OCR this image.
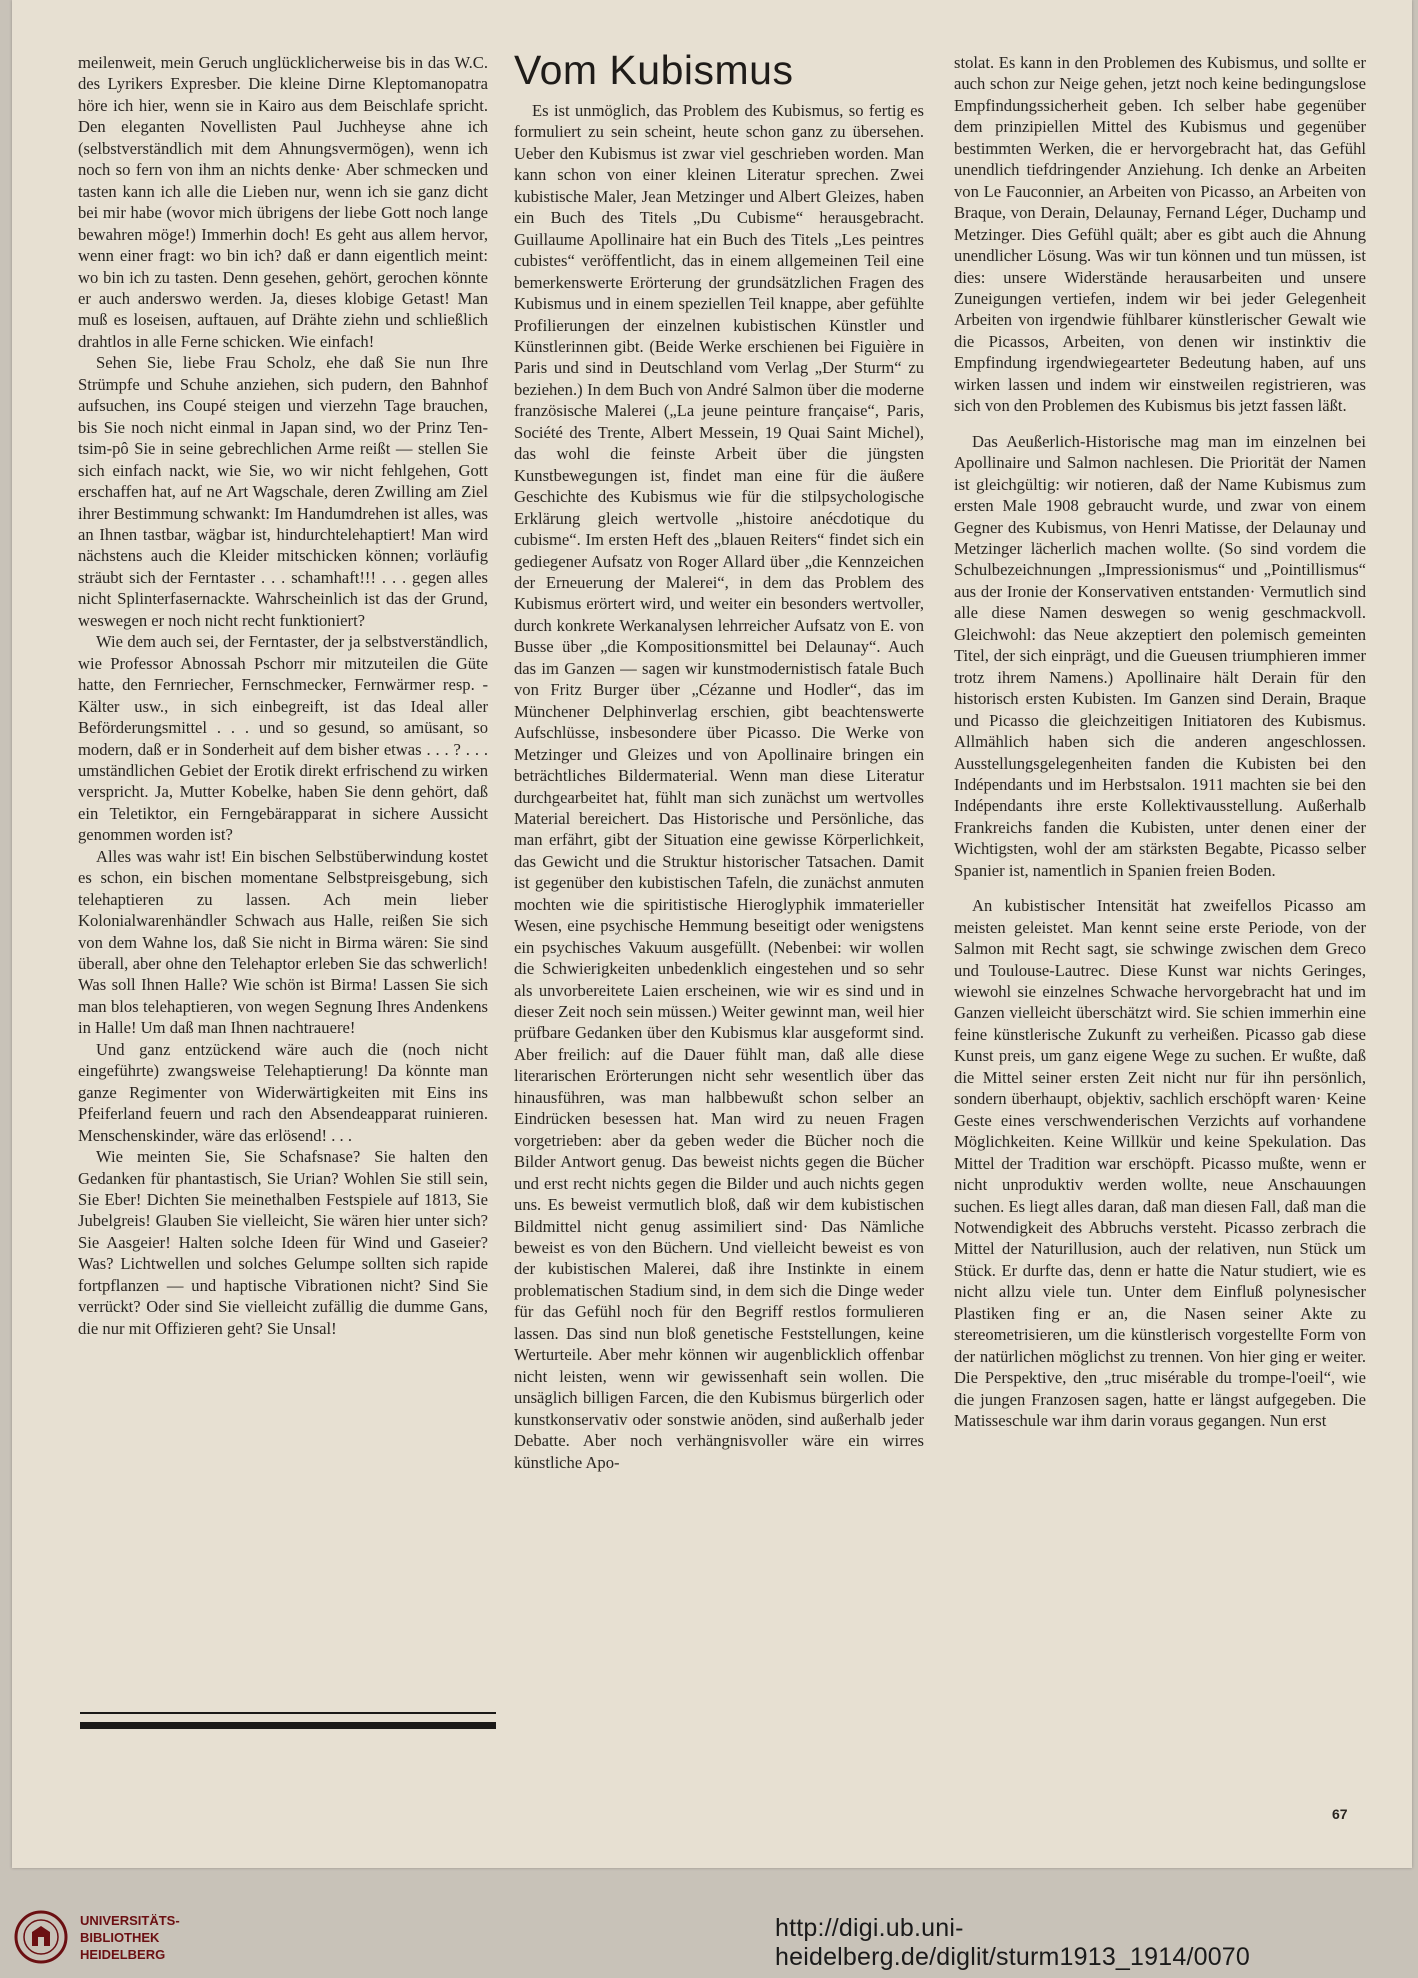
meilenweit, mein Geruch unglücklicherweise bis in das W.C. des Lyrikers Expresber. Die kleine Dirne Kleptomanopatra höre ich hier, wenn sie in Kairo aus dem Beischlafe spricht. Den eleganten Novellisten Paul Juchheyse ahne ich (selbstverständlich mit dem Ahnungsvermögen), wenn ich noch so fern von ihm an nichts denke· Aber schmecken und tasten kann ich alle die Lieben nur, wenn ich sie ganz dicht bei mir habe (wovor mich übrigens der liebe Gott noch lange bewahren möge!) Immerhin doch! Es geht aus allem hervor, wenn einer fragt: wo bin ich? daß er dann eigentlich meint: wo bin ich zu tasten. Denn gesehen, gehört, gerochen könnte er auch anderswo werden. Ja, dieses klobige Getast! Man muß es loseisen, auftauen, auf Drähte ziehn und schließlich drahtlos in alle Ferne schicken. Wie einfach!

Sehen Sie, liebe Frau Scholz, ehe daß Sie nun Ihre Strümpfe und Schuhe anziehen, sich pudern, den Bahnhof aufsuchen, ins Coupé steigen und vierzehn Tage brauchen, bis Sie noch nicht einmal in Japan sind, wo der Prinz Ten-tsim-pô Sie in seine gebrechlichen Arme reißt — stellen Sie sich einfach nackt, wie Sie, wo wir nicht fehlgehen, Gott erschaffen hat, auf ne Art Wagschale, deren Zwilling am Ziel ihrer Bestimmung schwankt: Im Handumdrehen ist alles, was an Ihnen tastbar, wägbar ist, hindurchtelehaptiert! Man wird nächstens auch die Kleider mitschicken können; vorläufig sträubt sich der Ferntaster . . . schamhaft!!! . . . gegen alles nicht Splinterfasernackte. Wahrscheinlich ist das der Grund, weswegen er noch nicht recht funktioniert?

Wie dem auch sei, der Ferntaster, der ja selbstverständlich, wie Professor Abnossah Pschorr mir mitzuteilen die Güte hatte, den Fernriecher, Fernschmecker, Fernwärmer resp. -Kälter usw., in sich einbegreift, ist das Ideal aller Beförderungsmittel . . . und so gesund, so amüsant, so modern, daß er in Sonderheit auf dem bisher etwas . . . ? . . . umständlichen Gebiet der Erotik direkt erfrischend zu wirken verspricht. Ja, Mutter Kobelke, haben Sie denn gehört, daß ein Teletiktor, ein Ferngebärapparat in sichere Aussicht genommen worden ist?

Alles was wahr ist! Ein bischen Selbstüberwindung kostet es schon, ein bischen momentane Selbstpreisgebung, sich telehaptieren zu lassen. Ach mein lieber Kolonialwarenhändler Schwach aus Halle, reißen Sie sich von dem Wahne los, daß Sie nicht in Birma wären: Sie sind überall, aber ohne den Telehaptor erleben Sie das schwerlich! Was soll Ihnen Halle? Wie schön ist Birma! Lassen Sie sich man blos telehaptieren, von wegen Segnung Ihres Andenkens in Halle! Um daß man Ihnen nachtrauere!

Und ganz entzückend wäre auch die (noch nicht eingeführte) zwangsweise Telehaptierung! Da könnte man ganze Regimenter von Widerwärtigkeiten mit Eins ins Pfeiferland feuern und rach den Absendeapparat ruinieren. Menschenskinder, wäre das erlösend! . . .

Wie meinten Sie, Sie Schafsnase? Sie halten den Gedanken für phantastisch, Sie Urian? Wohlen Sie still sein, Sie Eber! Dichten Sie meinethalben Festspiele auf 1813, Sie Jubelgreis! Glauben Sie vielleicht, Sie wären hier unter sich? Sie Aasgeier! Halten solche Ideen für Wind und Gaseier? Was? Lichtwellen und solches Gelumpe sollten sich rapide fortpflanzen — und haptische Vibrationen nicht? Sind Sie verrückt? Oder sind Sie vielleicht zufällig die dumme Gans, die nur mit Offizieren geht? Sie Unsal!

Vom Kubismus

Es ist unmöglich, das Problem des Kubismus, so fertig es formuliert zu sein scheint, heute schon ganz zu übersehen. Ueber den Kubismus ist zwar viel geschrieben worden. Man kann schon von einer kleinen Literatur sprechen. Zwei kubistische Maler, Jean Metzinger und Albert Gleizes, haben ein Buch des Titels „Du Cubisme“ herausgebracht. Guillaume Apollinaire hat ein Buch des Titels „Les peintres cubistes“ veröffentlicht, das in einem allgemeinen Teil eine bemerkenswerte Erörterung der grundsätzlichen Fragen des Kubismus und in einem speziellen Teil knappe, aber gefühlte Profilierungen der einzelnen kubistischen Künstler und Künstlerinnen gibt. (Beide Werke erschienen bei Figuière in Paris und sind in Deutschland vom Verlag „Der Sturm“ zu beziehen.) In dem Buch von André Salmon über die moderne französische Malerei („La jeune peinture française“, Paris, Société des Trente, Albert Messein, 19 Quai Saint Michel), das wohl die feinste Arbeit über die jüngsten Kunstbewegungen ist, findet man eine für die äußere Geschichte des Kubismus wie für die stilpsychologische Erklärung gleich wertvolle „histoire anécdotique du cubisme“. Im ersten Heft des „blauen Reiters“ findet sich ein gediegener Aufsatz von Roger Allard über „die Kennzeichen der Erneuerung der Malerei“, in dem das Problem des Kubismus erörtert wird, und weiter ein besonders wertvoller, durch konkrete Werkanalysen lehrreicher Aufsatz von E. von Busse über „die Kompositionsmittel bei Delaunay“. Auch das im Ganzen — sagen wir kunstmodernistisch fatale Buch von Fritz Burger über „Cézanne und Hodler“, das im Münchener Delphinverlag erschien, gibt beachtenswerte Aufschlüsse, insbesondere über Picasso. Die Werke von Metzinger und Gleizes und von Apollinaire bringen ein beträchtliches Bildermaterial. Wenn man diese Literatur durchgearbeitet hat, fühlt man sich zunächst um wertvolles Material bereichert. Das Historische und Persönliche, das man erfährt, gibt der Situation eine gewisse Körperlichkeit, das Gewicht und die Struktur historischer Tatsachen. Damit ist gegenüber den kubistischen Tafeln, die zunächst anmuten mochten wie die spiritistische Hieroglyphik immaterieller Wesen, eine psychische Hemmung beseitigt oder wenigstens ein psychisches Vakuum ausgefüllt. (Nebenbei: wir wollen die Schwierigkeiten unbedenklich eingestehen und so sehr als unvorbereitete Laien erscheinen, wie wir es sind und in dieser Zeit noch sein müssen.) Weiter gewinnt man, weil hier prüfbare Gedanken über den Kubismus klar ausgeformt sind. Aber freilich: auf die Dauer fühlt man, daß alle diese literarischen Erörterungen nicht sehr wesentlich über das hinausführen, was man halbbewußt schon selber an Eindrücken besessen hat. Man wird zu neuen Fragen vorgetrieben: aber da geben weder die Bücher noch die Bilder Antwort genug. Das beweist nichts gegen die Bücher und erst recht nichts gegen die Bilder und auch nichts gegen uns. Es beweist vermutlich bloß, daß wir dem kubistischen Bildmittel nicht genug assimiliert sind· Das Nämliche beweist es von den Büchern. Und vielleicht beweist es von der kubistischen Malerei, daß ihre Instinkte in einem problematischen Stadium sind, in dem sich die Dinge weder für das Gefühl noch für den Begriff restlos formulieren lassen. Das sind nun bloß genetische Feststellungen, keine Werturteile. Aber mehr können wir augenblicklich offenbar nicht leisten, wenn wir gewissenhaft sein wollen. Die unsäglich billigen Farcen, die den Kubismus bürgerlich oder kunstkonservativ oder sonstwie anöden, sind außerhalb jeder Debatte. Aber noch verhängnisvoller wäre ein wirres künstliche Apo-

stolat. Es kann in den Problemen des Kubismus, und sollte er auch schon zur Neige gehen, jetzt noch keine bedingungslose Empfindungssicherheit geben. Ich selber habe gegenüber dem prinzipiellen Mittel des Kubismus und gegenüber bestimmten Werken, die er hervorgebracht hat, das Gefühl unendlich tiefdringender Anziehung. Ich denke an Arbeiten von Le Fauconnier, an Arbeiten von Picasso, an Arbeiten von Braque, von Derain, Delaunay, Fernand Léger, Duchamp und Metzinger. Dies Gefühl quält; aber es gibt auch die Ahnung unendlicher Lösung. Was wir tun können und tun müssen, ist dies: unsere Widerstände herausarbeiten und unsere Zuneigungen vertiefen, indem wir bei jeder Gelegenheit Arbeiten von irgendwie fühlbarer künstlerischer Gewalt wie die Picassos, Arbeiten, von denen wir instinktiv die Empfindung irgendwiegearteter Bedeutung haben, auf uns wirken lassen und indem wir einstweilen registrieren, was sich von den Problemen des Kubismus bis jetzt fassen läßt.

Das Aeußerlich-Historische mag man im einzelnen bei Apollinaire und Salmon nachlesen. Die Priorität der Namen ist gleichgültig: wir notieren, daß der Name Kubismus zum ersten Male 1908 gebraucht wurde, und zwar von einem Gegner des Kubismus, von Henri Matisse, der Delaunay und Metzinger lächerlich machen wollte. (So sind vordem die Schulbezeichnungen „Impressionismus“ und „Pointillismus“ aus der Ironie der Konservativen entstanden· Vermutlich sind alle diese Namen deswegen so wenig geschmackvoll. Gleichwohl: das Neue akzeptiert den polemisch gemeinten Titel, der sich einprägt, und die Gueusen triumphieren immer trotz ihrem Namens.) Apollinaire hält Derain für den historisch ersten Kubisten. Im Ganzen sind Derain, Braque und Picasso die gleichzeitigen Initiatoren des Kubismus. Allmählich haben sich die anderen angeschlossen. Ausstellungsgelegenheiten fanden die Kubisten bei den Indépendants und im Herbstsalon. 1911 machten sie bei den Indépendants ihre erste Kollektivausstellung. Außerhalb Frankreichs fanden die Kubisten, unter denen einer der Wichtigsten, wohl der am stärksten Begabte, Picasso selber Spanier ist, namentlich in Spanien freien Boden.

An kubistischer Intensität hat zweifellos Picasso am meisten geleistet. Man kennt seine erste Periode, von der Salmon mit Recht sagt, sie schwinge zwischen dem Greco und Toulouse-Lautrec. Diese Kunst war nichts Geringes, wiewohl sie einzelnes Schwache hervorgebracht hat und im Ganzen vielleicht überschätzt wird. Sie schien immerhin eine feine künstlerische Zukunft zu verheißen. Picasso gab diese Kunst preis, um ganz eigene Wege zu suchen. Er wußte, daß die Mittel seiner ersten Zeit nicht nur für ihn persönlich, sondern überhaupt, objektiv, sachlich erschöpft waren· Keine Geste eines verschwenderischen Verzichts auf vorhandene Möglichkeiten. Keine Willkür und keine Spekulation. Das Mittel der Tradition war erschöpft. Picasso mußte, wenn er nicht unproduktiv werden wollte, neue Anschauungen suchen. Es liegt alles daran, daß man diesen Fall, daß man die Notwendigkeit des Abbruchs versteht. Picasso zerbrach die Mittel der Naturillusion, auch der relativen, nun Stück um Stück. Er durfte das, denn er hatte die Natur studiert, wie es nicht allzu viele tun. Unter dem Einfluß polynesischer Plastiken fing er an, die Nasen seiner Akte zu stereometrisieren, um die künstlerisch vorgestellte Form von der natürlichen möglichst zu trennen. Von hier ging er weiter. Die Perspektive, den „truc misérable du trompe-l'oeil“, wie die jungen Franzosen sagen, hatte er längst aufgegeben. Die Matisseschule war ihm darin voraus gegangen. Nun erst

67
UNIVERSITÄTS-
BIBLIOTHEK
HEIDELBERG
http://digi.ub.uni-heidelberg.de/diglit/sturm1913_1914/0070
